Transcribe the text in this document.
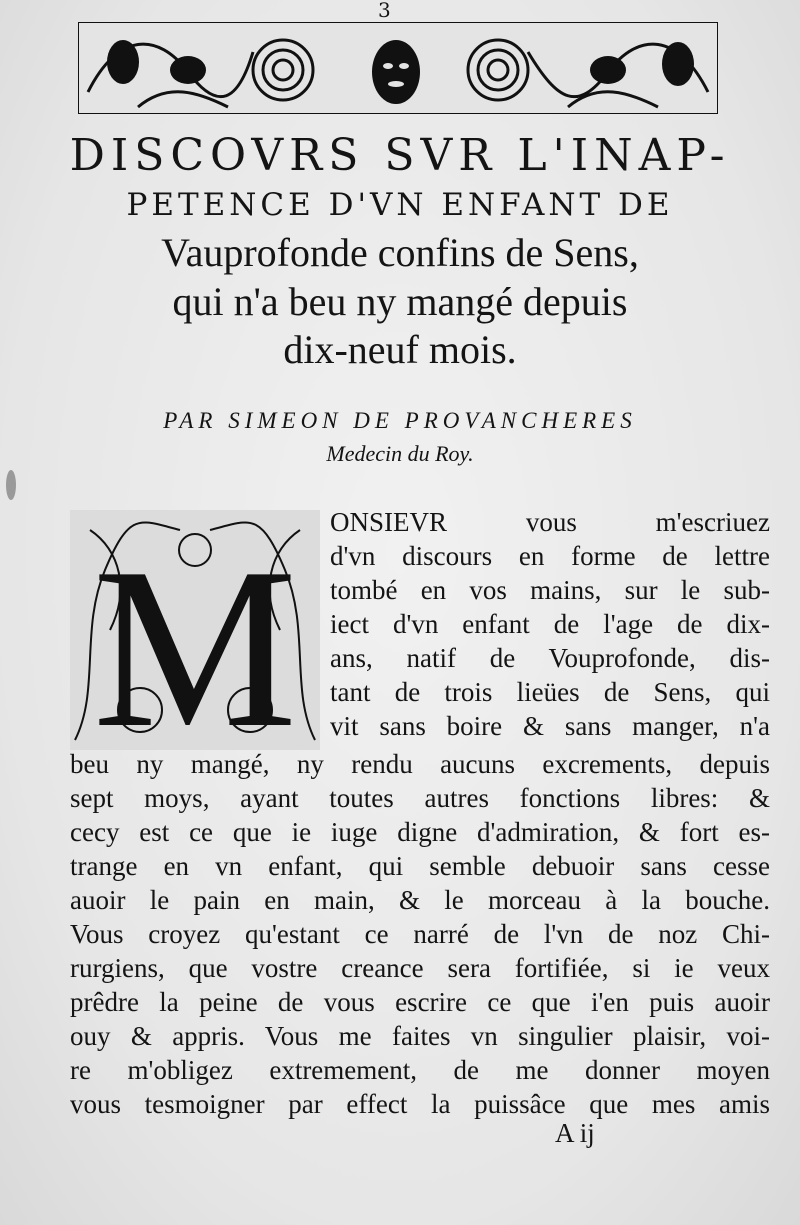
3
DISCOVRS SVR L'INAP-
PETENCE D'VN ENFANT DE
Vauprofonde confins de Sens,
qui n'a beu ny mangé depuis
dix-neuf mois.
PAR SIMEON DE PROVANCHERES
Medecin du Roy.
M ONSIEVR vous m'escriuez
d'vn discours en forme de lettre
tombé en vos mains, sur le sub-
iect d'vn enfant de l'age de dix-
ans, natif de Vouprofonde, dis-
tant de trois lieües de Sens, qui
vit sans boire & sans manger, n'a
beu ny mangé, ny rendu aucuns excrements, depuis
sept moys, ayant toutes autres fonctions libres: &
cecy est ce que ie iuge digne d'admiration, & fort es-
trange en vn enfant, qui semble debuoir sans cesse
auoir le pain en main, & le morceau à la bouche.
Vous croyez qu'estant ce narré de l'vn de noz Chi-
rurgiens, que vostre creance sera fortifiée, si ie veux
prêdre la peine de vous escrire ce que i'en puis auoir
ouy & appris. Vous me faites vn singulier plaisir, voi-
re m'obligez extremement, de me donner moyen
vous tesmoigner par effect la puissâce que mes amis
A ij
